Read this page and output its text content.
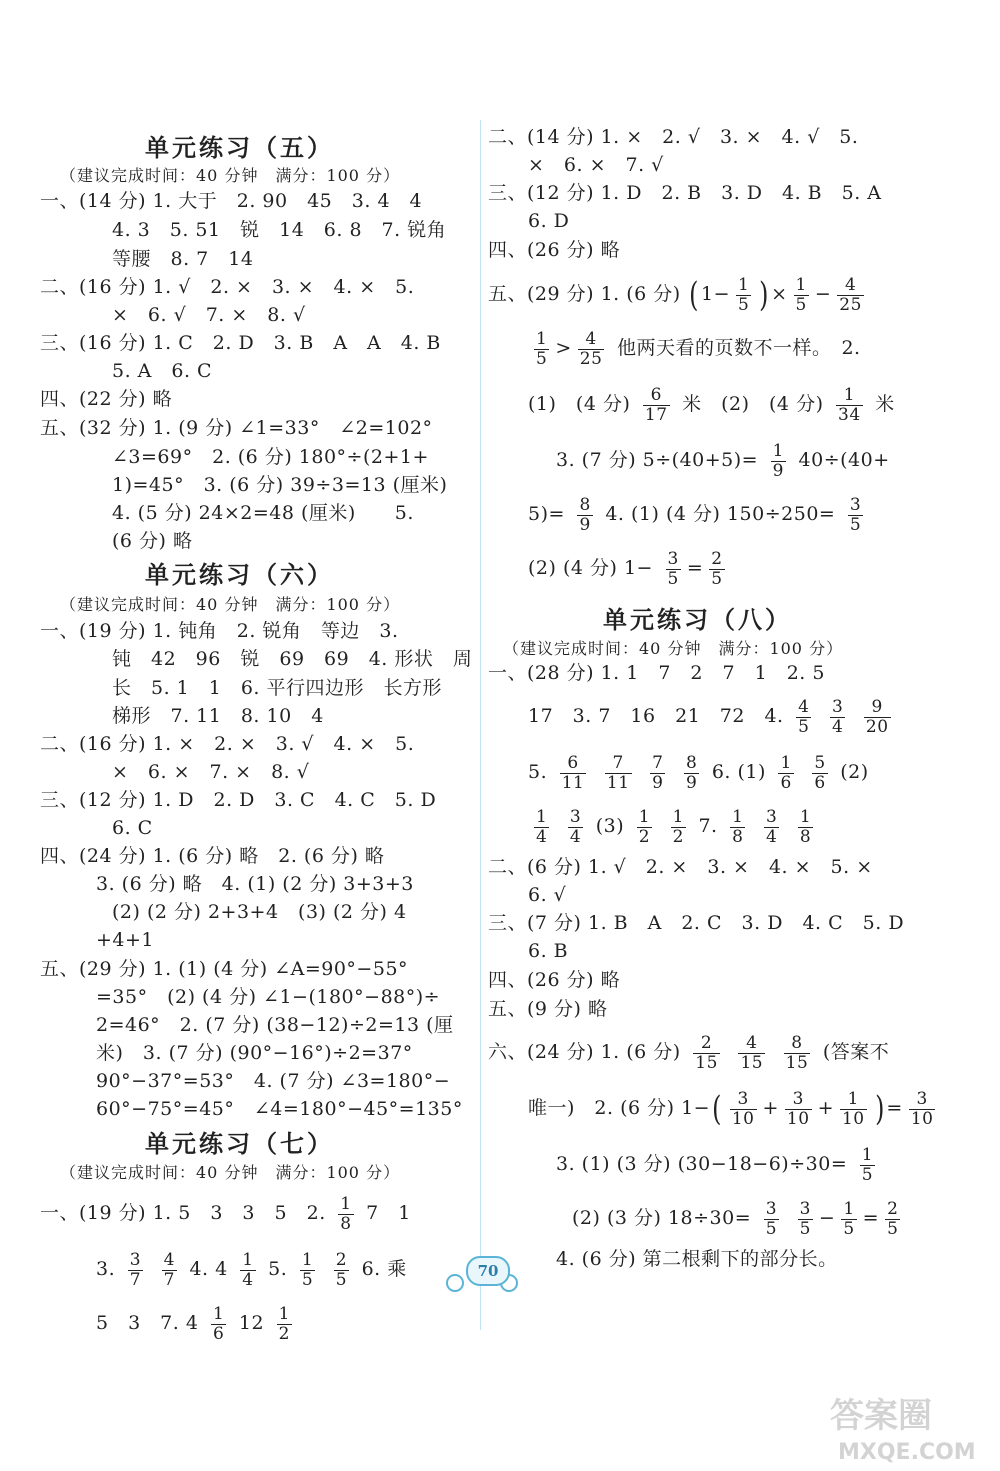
单元练习（五）
（建议完成时间：40 分钟　满分：100 分）
一、(14 分) 1. 大于　2. 90　45　3. 4　4
4. 3　5. 51　锐　14　6. 8　7. 锐角
等腰　8. 7　14
二、(16 分) 1. √　2. ×　3. ×　4. ×　5.
×　6. √　7. ×　8. √
三、(16 分) 1. C　2. D　3. B　A　A　4. B
5. A　6. C
四、(22 分) 略
五、(32 分) 1. (9 分) ∠1=33°　∠2=102°
∠3=69°　2. (6 分) 180°÷(2+1+
1)=45°　3. (6 分) 39÷3=13 (厘米)
4. (5 分) 24×2=48 (厘米)　　5.
(6 分) 略
单元练习（六）
（建议完成时间：40 分钟　满分：100 分）
一、(19 分) 1. 钝角　2. 锐角　等边　3.
钝　42　96　锐　69　69　4. 形状　周
长　5. 1　1　6. 平行四边形　长方形
梯形　7. 11　8. 10　4
二、(16 分) 1. ×　2. ×　3. √　4. ×　5.
×　6. ×　7. ×　8. √
三、(12 分) 1. D　2. D　3. C　4. C　5. D
6. C
四、(24 分) 1. (6 分) 略　2. (6 分) 略
3. (6 分) 略　4. (1) (2 分) 3+3+3
(2) (2 分) 2+3+4　(3) (2 分) 4
+4+1
五、(29 分) 1. (1) (4 分) ∠A=90°−55°
=35°　(2) (4 分) ∠1−(180°−88°)÷
2=46°　2. (7 分) (38−12)÷2=13 (厘
米)　3. (7 分) (90°−16°)÷2=37°
90°−37°=53°　4. (7 分) ∠3=180°−
60°−75°=45°　∠4=180°−45°=135°
单元练习（七）
（建议完成时间：40 分钟　满分：100 分）
一、(19 分) 1. 5　3　3　5　2. $\frac{1}{8} 7$　1
3. $\frac{3}{7}$
$\frac{4}{7} 4$. $4 \frac{1}{4} 5$. $\frac{1}{5}$
$\frac{2}{5} 6$. 乘
5　3　7. $4 \frac{1}{6} 12 \frac{1}{2}$
二、(14 分) 1. ×　2. √　3. ×　4. √　5.
×　6. ×　7. √
三、(12 分) 1. D　2. B　3. D　4. B　5. A
6. D
四、(26 分) 略
五、(29 分) 1. (6 分) ( $1- \frac{1}{5}$ ) × $\frac{1}{5} - \frac{4}{25}$
$\frac{1}{5} > \frac{4}{25}$ 他两天看的页数不一样。　2.
(1)　(4 分) $\frac{6}{17}$ 米　(2)　(4 分) $\frac{1}{34}$ 米
3. (7 分) $5\div(40+5)= \frac{1}{9} 40\div(40+$
$5)= \frac{8}{9} 4$. (1) (4 分) $150\div 250= \frac{3}{5}$
(2) (4 分) $1- \frac{3}{5} = \frac{2}{5}$
单元练习（八）
（建议完成时间：40 分钟　满分：100 分）
一、(28 分) 1. 1　7　2　7　1　2. 5
17　3. 7　16　21　72　4. $\frac{4}{5}$
$\frac{3}{4}$
$\frac{9}{20}$
5. $\frac{6}{11}$
$\frac{7}{11}$
$\frac{7}{9}$
$\frac{8}{9} 6$. $(1) \frac{1}{6}$
$\frac{5}{6} (2)$
$\frac{1}{4}$
$\frac{3}{4} (3) \frac{1}{2}$
$\frac{1}{2} 7$. $\frac{1}{8}$
$\frac{3}{4}$
$\frac{1}{8}$
二、(6 分) 1. √　2. ×　3. ×　4. ×　5. ×
6. √
三、(7 分) 1. B　A　2. C　3. D　4. C　5. D
6. B
四、(26 分) 略
五、(9 分) 略
六、(24 分) 1. (6 分) $\frac{2}{15}$
$\frac{4}{15}$
$\frac{8}{15}$ (答案不
唯一)　2. (6 分) $1-( \frac{3}{10} + \frac{3}{10} + \frac{1}{10}$ ) = $\frac{3}{10}$
3. (1) (3 分) $(30-18-6)\div 30= \frac{1}{5}$
(2) (3 分) $18\div 30= \frac{3}{5}$
$\frac{3}{5} - \frac{1}{5} = \frac{2}{5}$
4. (6 分) 第二根剩下的部分长。
70
答案圈
MXQE.COM
